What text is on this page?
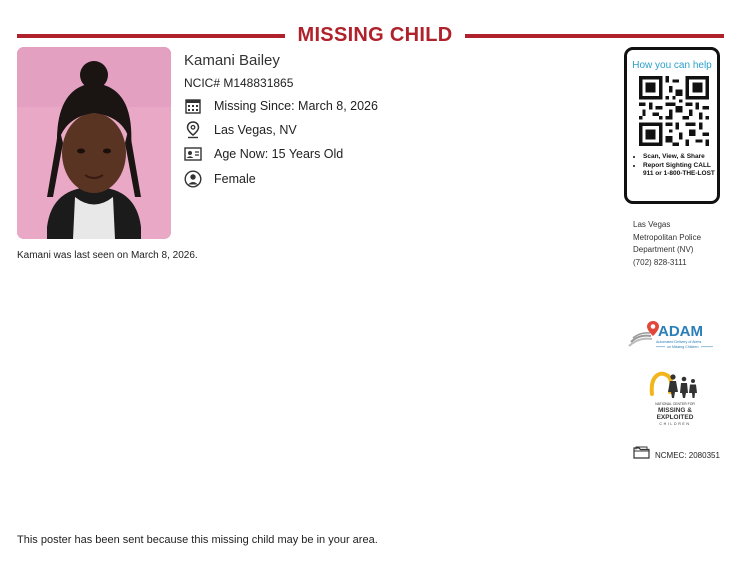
MISSING CHILD
Kamani Bailey
NCIC# M148831865
Missing Since: March 8, 2026
Las Vegas, NV
Age Now: 15 Years Old
Female
Kamani was last seen on March 8, 2026.
How you can help
• Scan, View, & Share
• Report Sighting CALL 911 or 1-800-THE-LOST
Las Vegas
Metropolitan Police
Department (NV)
(702) 828-3111
ADAM
Automated Delivery of Alerts
on Missing Children
NATIONAL CENTER FOR
MISSING &
EXPLOITED
CHILDREN
NCMEC: 2080351
This poster has been sent because this missing child may be in your area.
